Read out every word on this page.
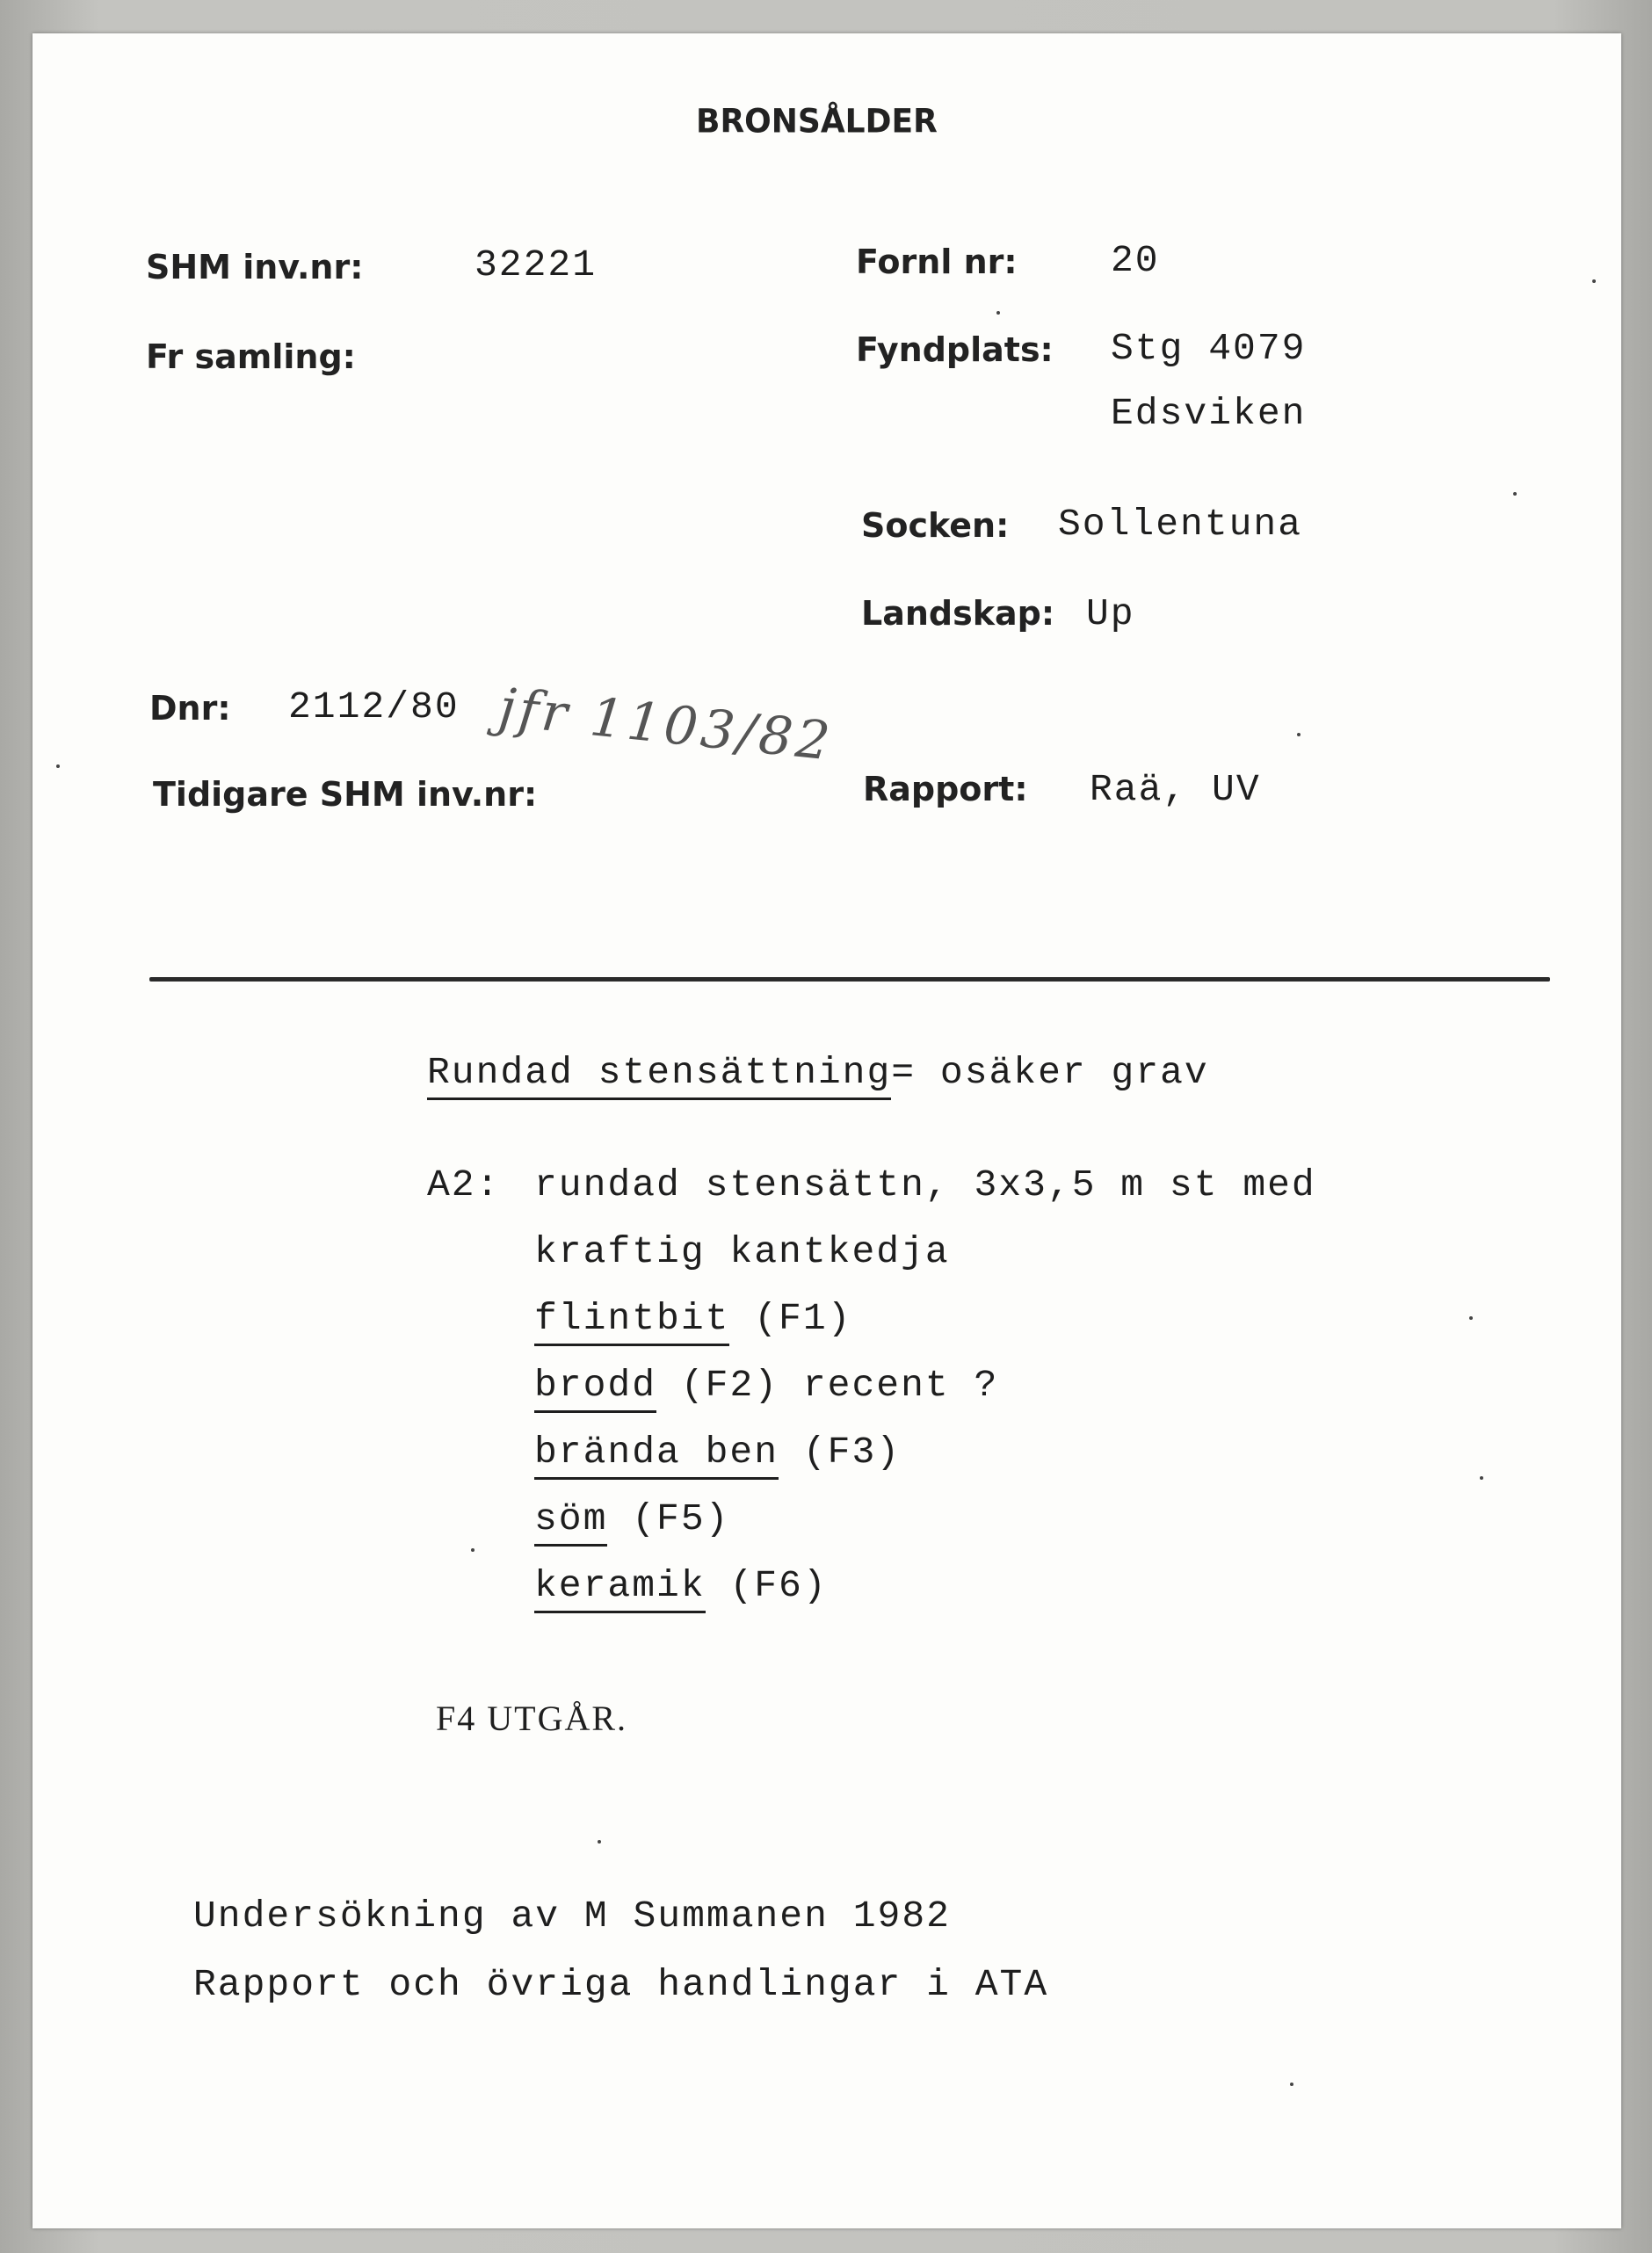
BRONSÅLDER
SHM inv.nr:	32221
Fr samling:
Fornl nr: 20
Fyndplats: Stg 4079
Edsviken
Socken: Sollentuna
Landskap: Up
Dnr: 2112/80 jfr 1103/82
Tidigare SHM inv.nr:	Rapport: Raä, UV
Rundad stensättning= osäker grav
A2: rundad stensättn, 3x3,5 m st med
kraftig kantkedja
flintbit (F1)
brodd (F2) recent ?
brända ben (F3)
söm (F5)
keramik (F6)
F4 UTGÅR.
Undersökning av M Summanen 1982
Rapport och övriga handlingar i ATA
